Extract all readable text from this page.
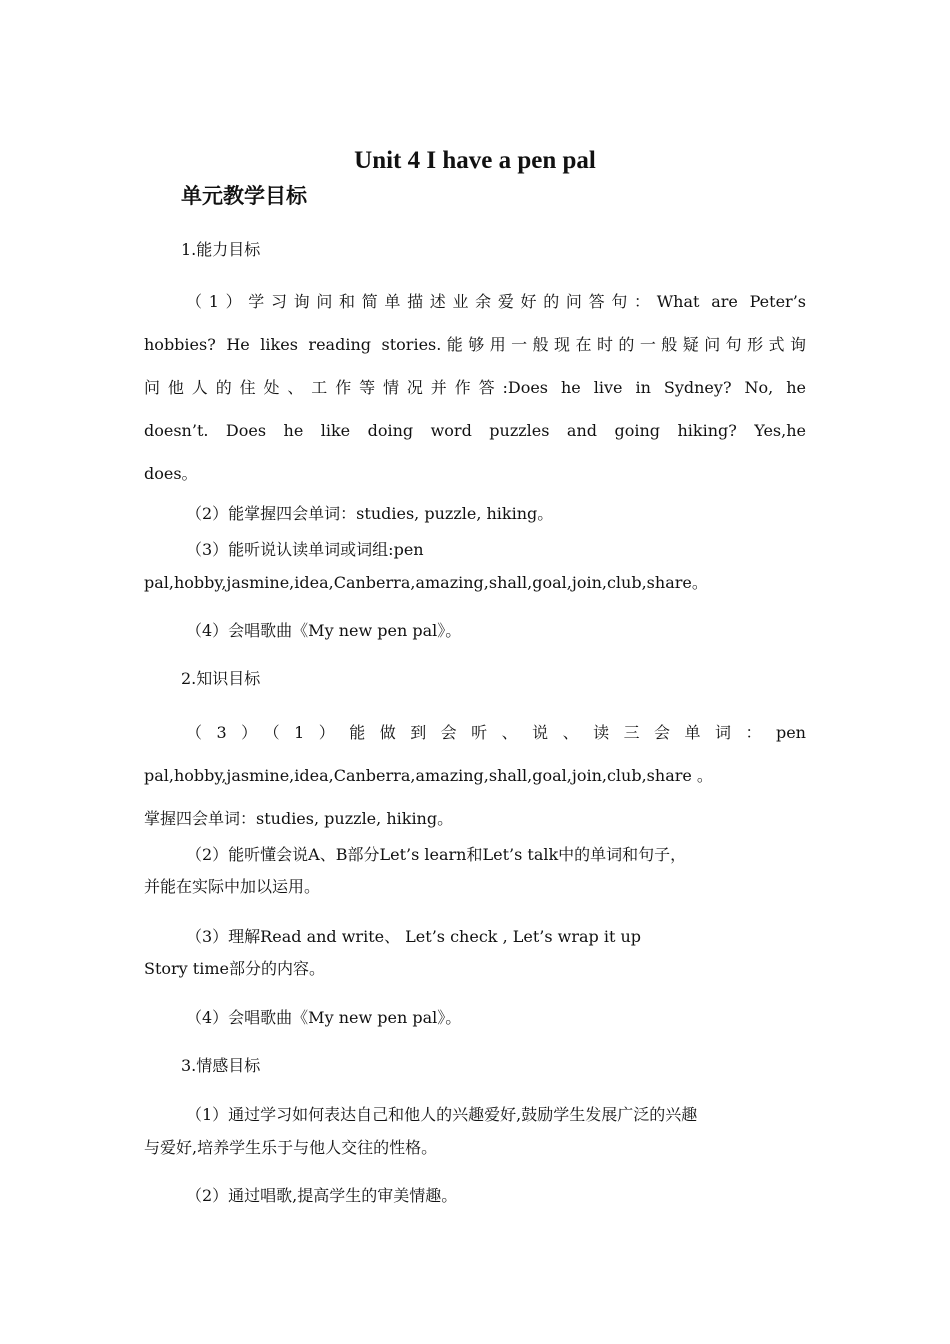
Unit 4 I have a pen pal
单元教学目标
1.能力目标
（1）学习询问和简单描述业余爱好的问答句：What are Peter’s
hobbies? He likes reading stories.能够用一般现在时的一般疑问句形式询
问他人的住处、工作等情况并作答:Does he live in Sydney? No, he
doesn’t. Does he like doing word puzzles and going hiking? Yes,he
does。
（2）能掌握四会单词：studies, puzzle, hiking。
（3）能听说认读单词或词组:pen
pal,hobby,jasmine,idea,Canberra,amazing,shall,goal,join,club,share。
（4）会唱歌曲《My new pen pal》。
2.知识目标
（3）（1）能做到会听、说、读三会单词：pen
pal,hobby,jasmine,idea,Canberra,amazing,shall,goal,join,club,share 。
掌握四会单词：studies, puzzle, hiking。
（2）能听懂会说A、B部分Let’s learn和Let’s talk中的单词和句子，
并能在实际中加以运用。
（3）理解Read and write、 Let’s check , Let’s wrap it up
Story time部分的内容。
（4）会唱歌曲《My new pen pal》。
3.情感目标
（1）通过学习如何表达自己和他人的兴趣爱好,鼓励学生发展广泛的兴趣
与爱好,培养学生乐于与他人交往的性格。
（2）通过唱歌,提高学生的审美情趣。
